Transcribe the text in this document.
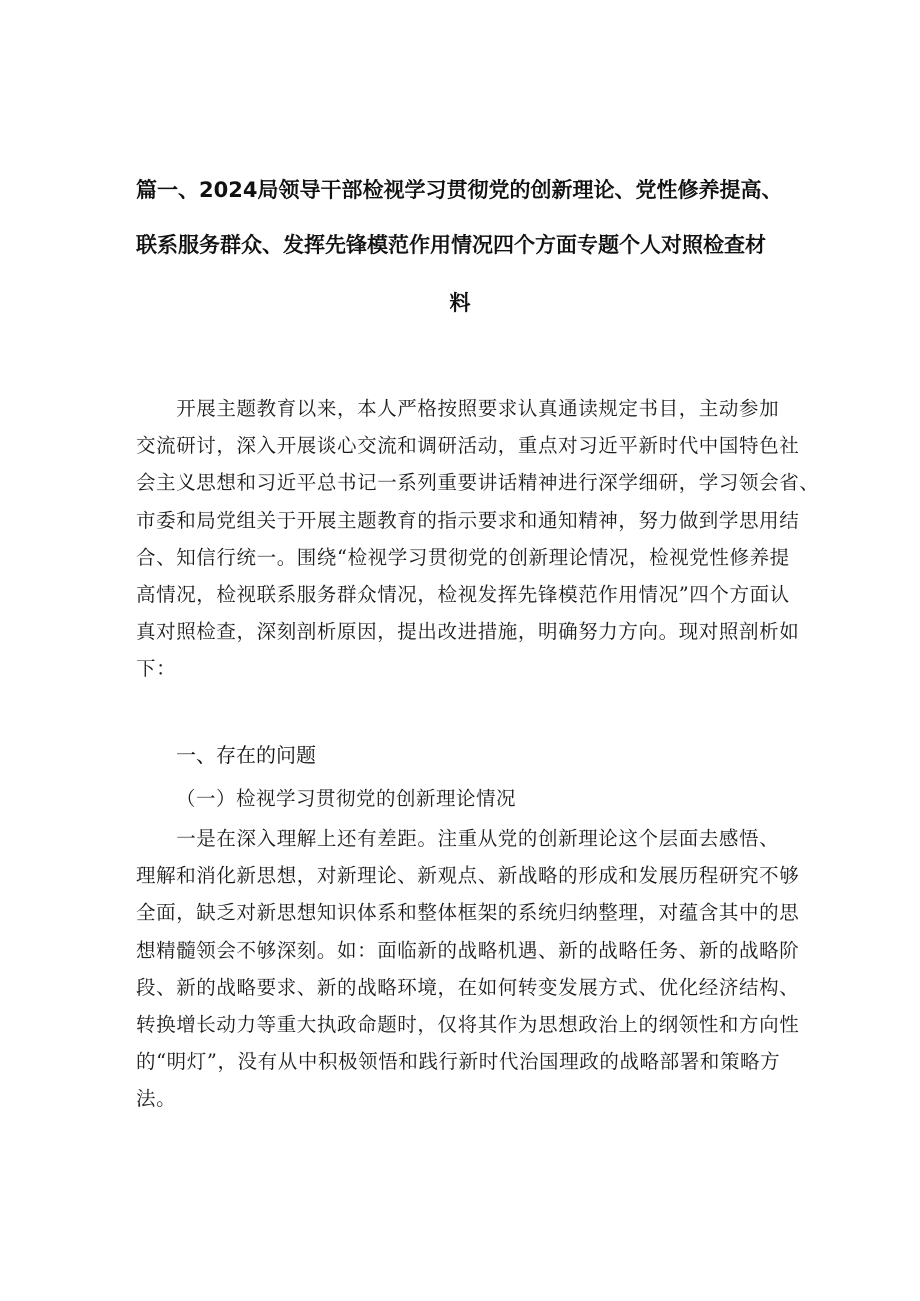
篇一、2024局领导干部检视学习贯彻党的创新理论、党性修养提高、
联系服务群众、发挥先锋模范作用情况四个方面专题个人对照检查材
料
　　开展主题教育以来，本人严格按照要求认真通读规定书目，主动参加
交流研讨，深入开展谈心交流和调研活动，重点对习近平新时代中国特色社
会主义思想和习近平总书记一系列重要讲话精神进行深学细研，学习领会省、
市委和局党组关于开展主题教育的指示要求和通知精神，努力做到学思用结
合、知信行统一。围绕“检视学习贯彻党的创新理论情况，检视党性修养提
高情况，检视联系服务群众情况，检视发挥先锋模范作用情况”四个方面认
真对照检查，深刻剖析原因，提出改进措施，明确努力方向。现对照剖析如
下：
一、存在的问题
（一）检视学习贯彻党的创新理论情况
　　一是在深入理解上还有差距。注重从党的创新理论这个层面去感悟、
理解和消化新思想，对新理论、新观点、新战略的形成和发展历程研究不够
全面，缺乏对新思想知识体系和整体框架的系统归纳整理，对蕴含其中的思
想精髓领会不够深刻。如：面临新的战略机遇、新的战略任务、新的战略阶
段、新的战略要求、新的战略环境，在如何转变发展方式、优化经济结构、
转换增长动力等重大执政命题时，仅将其作为思想政治上的纲领性和方向性
的“明灯”，没有从中积极领悟和践行新时代治国理政的战略部署和策略方
法。
